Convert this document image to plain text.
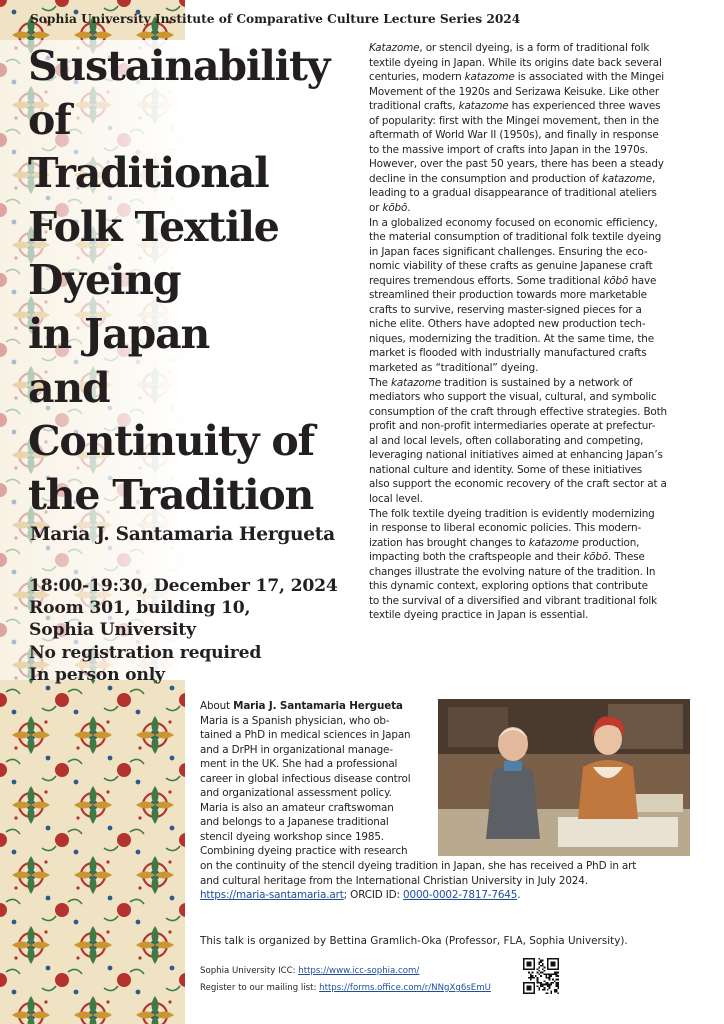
Sophia University Institute of Comparative Culture Lecture Series 2024
Sustainability
of
Traditional
Folk Textile
Dyeing
in Japan
and
Continuity of
the Tradition
Maria J. Santamaria Hergueta
18:00-19:30, December 17, 2024
Room 301, building 10,
Sophia University
No registration required
In person only
Katazome, or stencil dyeing, is a form of traditional folk
textile dyeing in Japan. While its origins date back several
centuries, modern katazome is associated with the Mingei
Movement of the 1920s and Serizawa Keisuke. Like other
traditional crafts, katazome has experienced three waves
of popularity: first with the Mingei movement, then in the
aftermath of World War II (1950s), and finally in response
to the massive import of crafts into Japan in the 1970s.
However, over the past 50 years, there has been a steady
decline in the consumption and production of katazome,
leading to a gradual disappearance of traditional ateliers
or kōbō.
In a globalized economy focused on economic efficiency,
the material consumption of traditional folk textile dyeing
in Japan faces significant challenges. Ensuring the eco-
nomic viability of these crafts as genuine Japanese craft
requires tremendous efforts. Some traditional kōbō have
streamlined their production towards more marketable
crafts to survive, reserving master-signed pieces for a
niche elite. Others have adopted new production tech-
niques, modernizing the tradition. At the same time, the
market is flooded with industrially manufactured crafts
marketed as “traditional” dyeing.
The katazome tradition is sustained by a network of
mediators who support the visual, cultural, and symbolic
consumption of the craft through effective strategies. Both
profit and non-profit intermediaries operate at prefectur-
al and local levels, often collaborating and competing,
leveraging national initiatives aimed at enhancing Japan’s
national culture and identity. Some of these initiatives
also support the economic recovery of the craft sector at a
local level.
The folk textile dyeing tradition is evidently modernizing
in response to liberal economic policies. This modern-
ization has brought changes to katazome production,
impacting both the craftspeople and their kōbō. These
changes illustrate the evolving nature of the tradition. In
this dynamic context, exploring options that contribute
to the survival of a diversified and vibrant traditional folk
textile dyeing practice in Japan is essential.
About Maria J. Santamaria Hergueta
Maria is a Spanish physician, who ob-
tained a PhD in medical sciences in Japan
and a DrPH in organizational manage-
ment in the UK. She had a professional
career in global infectious disease control
and organizational assessment policy.
Maria is also an amateur craftswoman
and belongs to a Japanese traditional
stencil dyeing workshop since 1985.
Combining dyeing practice with research
on the continuity of the stencil dyeing tradition in Japan, she has received a PhD in art
and cultural heritage from the International Christian University in July 2024.
https://maria-santamaria.art; ORCID ID: 0000-0002-7817-7645.
This talk is organized by Bettina Gramlich-Oka (Professor, FLA, Sophia University).
Sophia University ICC: https://www.icc-sophia.com/
Register to our mailing list: https://forms.office.com/r/NNgXg6sEmU
